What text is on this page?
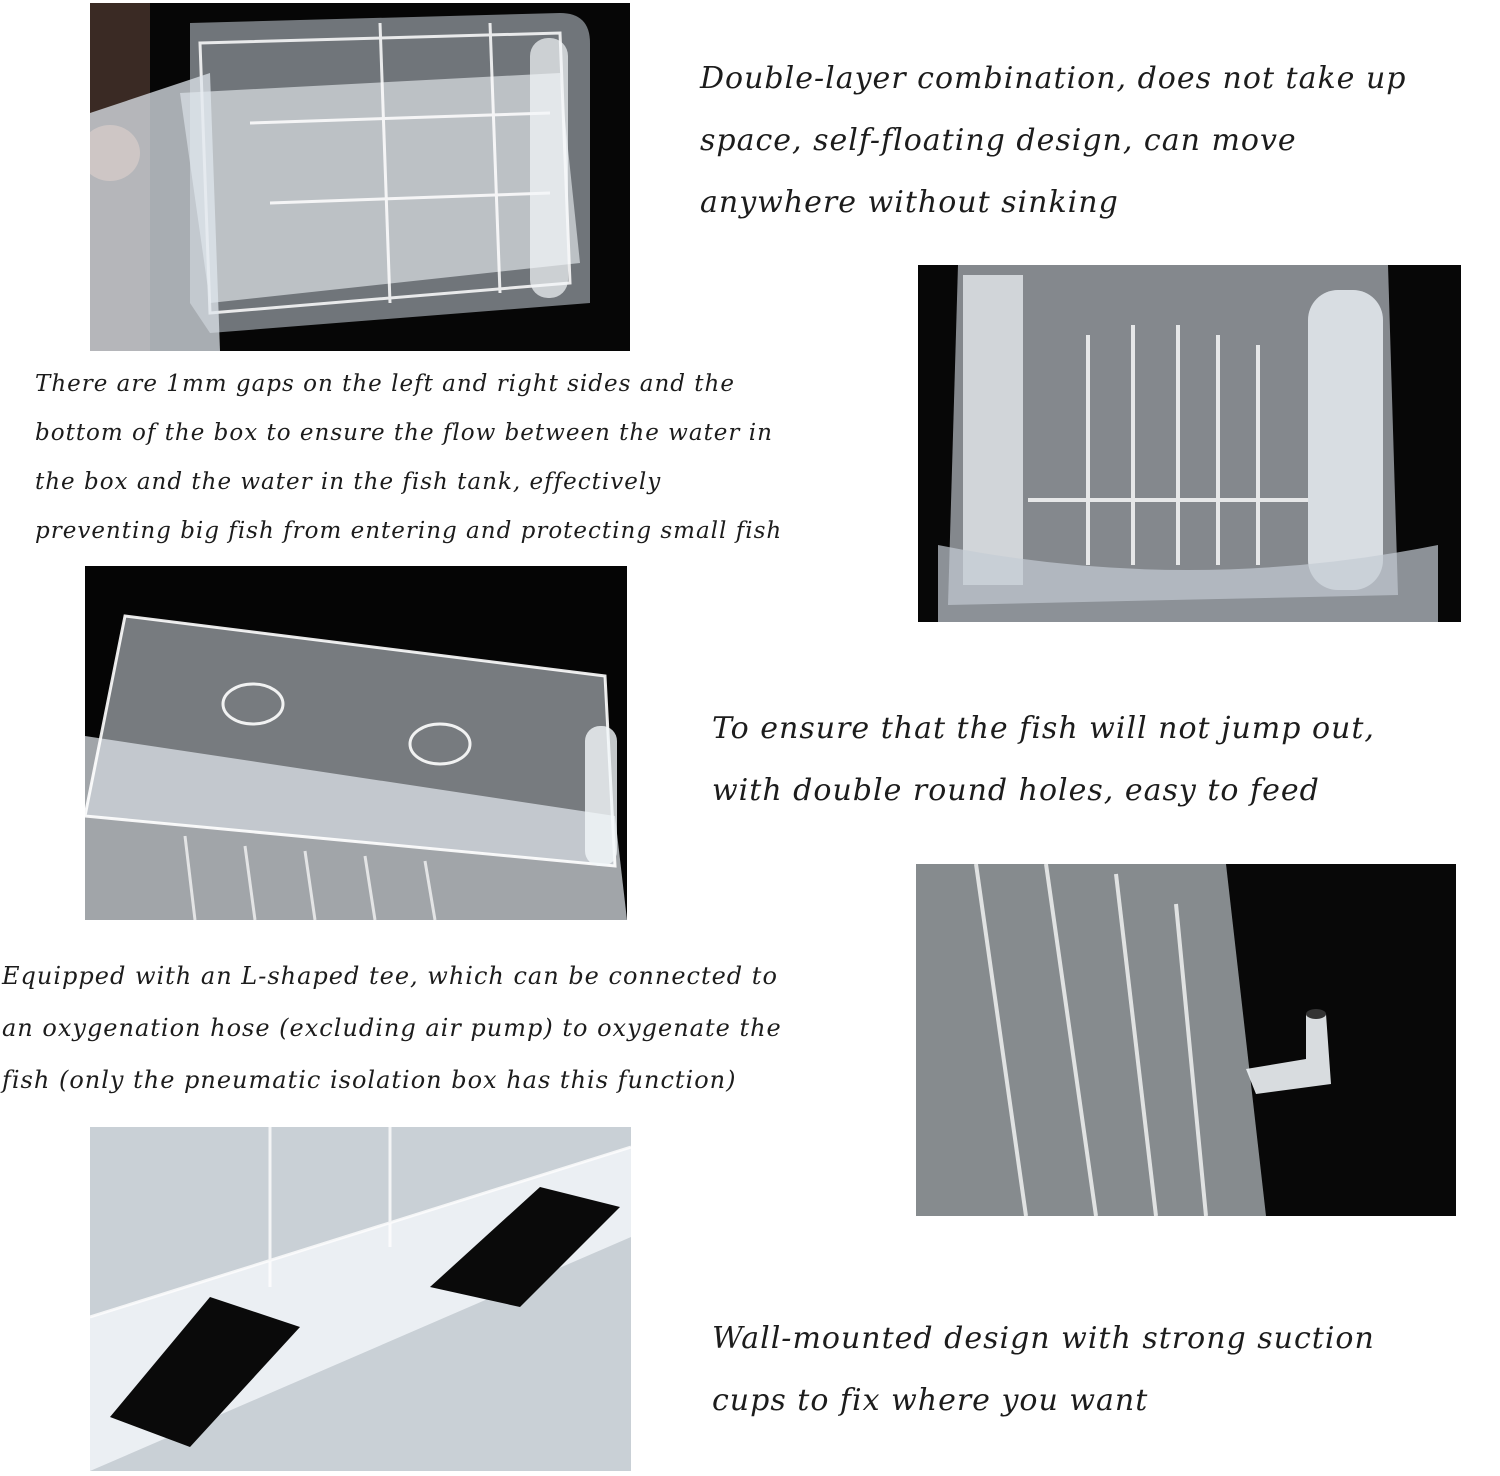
Double-layer combination, does not take up
space, self-floating design, can move
anywhere without sinking

There are 1mm gaps on the left and right sides and the
bottom of the box to ensure the flow between the water in
the box and the water in the fish tank, effectively
preventing big fish from entering and protecting small fish

To ensure that the fish will not jump out,
with double round holes, easy to feed

Equipped with an L-shaped tee, which can be connected to
an oxygenation hose (excluding air pump) to oxygenate the
fish (only the pneumatic isolation box has this function)

Wall-mounted design with strong suction
cups to fix where you want
